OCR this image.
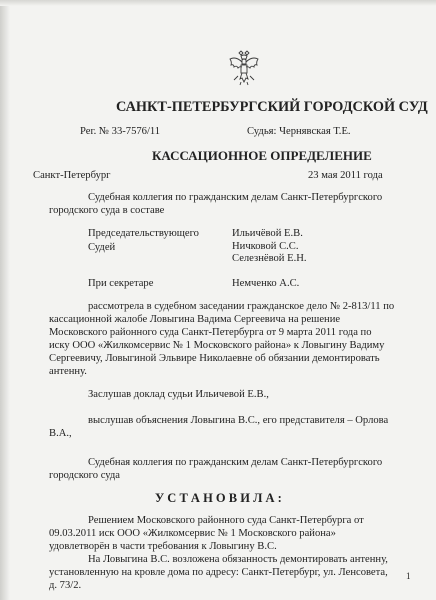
САНКТ-ПЕТЕРБУРГСКИЙ ГОРОДСКОЙ СУД
Рег. № 33-7576/11	Судья: Чернявская Т.Е.
КАССАЦИОННОЕ ОПРЕДЕЛЕНИЕ
Санкт-Петербург	23 мая 2011 года
Судебная коллегия по гражданским делам Санкт-Петербургского
городского суда в составе
Председательствующего	Ильичёвой Е.В.
Судей	Ничковой С.С.
Селезнёвой Е.Н.
При секретаре	Немченко А.С.
рассмотрела в судебном заседании гражданское дело № 2-813/11 по
кассационной жалобе Ловыгина Вадима Сергеевича на решение
Московского районного суда Санкт-Петербурга от 9 марта 2011 года по
иску ООО «Жилкомсервис № 1 Московского района» к Ловыгину Вадиму
Сергеевичу, Ловыгиной Эльвире Николаевне об обязании демонтировать
антенну.
Заслушав доклад судьи Ильичевой Е.В.,
выслушав объяснения Ловыгина В.С., его представителя – Орлова
В.А.,
Судебная коллегия по гражданским делам Санкт-Петербургского
городского суда
У С Т А Н О В И Л А :
Решением Московского районного суда Санкт-Петербурга от
09.03.2011 иск ООО «Жилкомсервис № 1 Московского района»
удовлетворён в части требования к Ловыгину В.С.
На Ловыгина В.С. возложена обязанность демонтировать антенну,
установленную на кровле дома по адресу: Санкт-Петербург, ул. Ленсовета,
д. 73/2.
1
